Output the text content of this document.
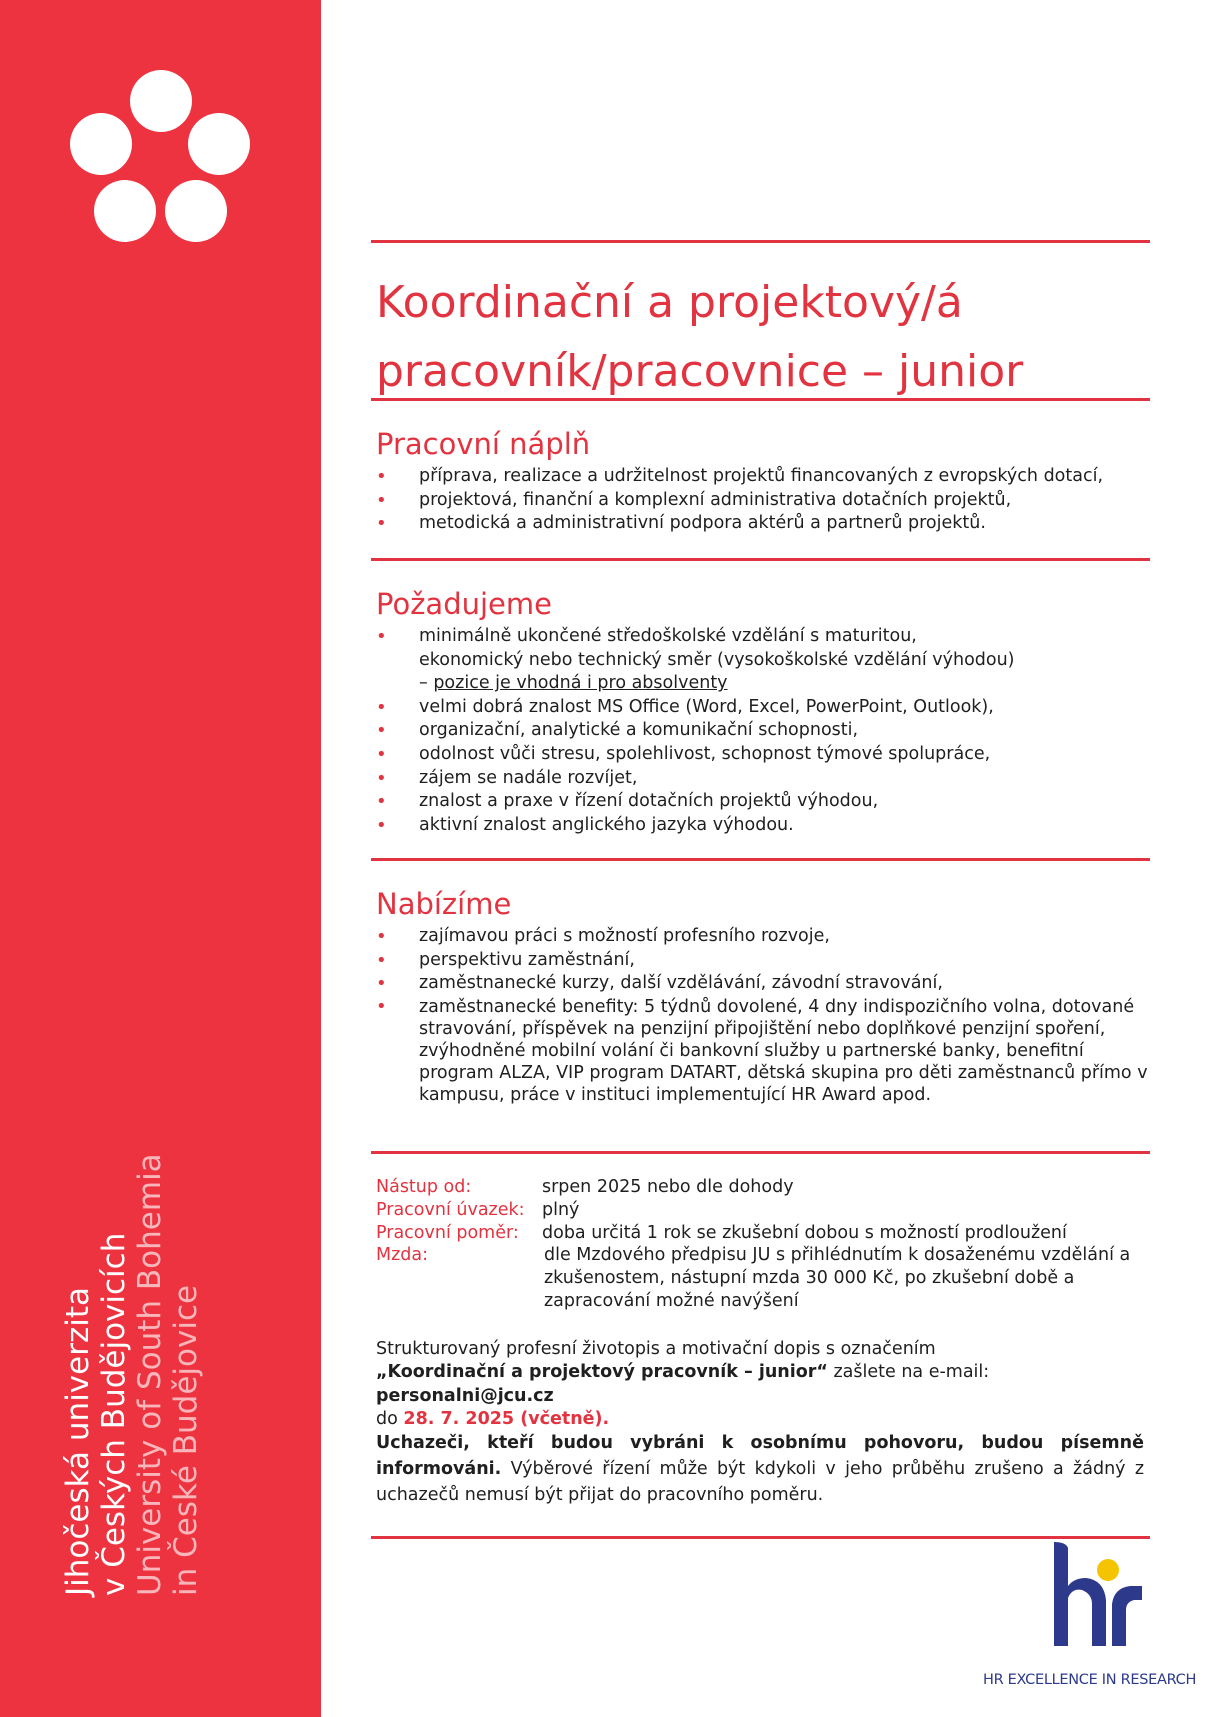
Jihočeská univerzita v Českých Budějovicích University of South Bohemia in České Budějovice
Koordinační a projektový/á
pracovník/pracovnice – junior
Pracovní náplň
• příprava, realizace a udržitelnost projektů financovaných z evropských dotací,
• projektová, finanční a komplexní administrativa dotačních projektů,
• metodická a administrativní podpora aktérů a partnerů projektů.
Požadujeme
• minimálně ukončené středoškolské vzdělání s maturitou,
ekonomický nebo technický směr (vysokoškolské vzdělání výhodou)
– pozice je vhodná i pro absolventy
• velmi dobrá znalost MS Office (Word, Excel, PowerPoint, Outlook),
• organizační, analytické a komunikační schopnosti,
• odolnost vůči stresu, spolehlivost, schopnost týmové spolupráce,
• zájem se nadále rozvíjet,
• znalost a praxe v řízení dotačních projektů výhodou,
• aktivní znalost anglického jazyka výhodou.
Nabízíme
• zajímavou práci s možností profesního rozvoje,
• perspektivu zaměstnání,
• zaměstnanecké kurzy, další vzdělávání, závodní stravování,
• zaměstnanecké benefity: 5 týdnů dovolené, 4 dny indispozičního volna, dotované stravování, příspěvek na penzijní připojištění nebo doplňkové penzijní spoření, zvýhodněné mobilní volání či bankovní služby u partnerské banky, benefitní program ALZA, VIP program DATART, dětská skupina pro děti zaměstnanců přímo v kampusu, práce v instituci implementující HR Award apod.
Nástup od:	srpen 2025 nebo dle dohody
Pracovní úvazek: plný
Pracovní poměr:	doba určitá 1 rok se zkušební dobou s možností prodloužení
Mzda:	dle Mzdového předpisu JU s přihlédnutím k dosaženému vzdělání a zkušenostem, nástupní mzda 30 000 Kč, po zkušební době a zapracování možné navýšení
Strukturovaný profesní životopis a motivační dopis s označením
„Koordinační a projektový pracovník – junior“ zašlete na e-mail: personalni@jcu.cz
do 28. 7. 2025 (včetně).
Uchazeči, kteří budou vybráni k osobnímu pohovoru, budou písemně informováni. Výběrové řízení může být kdykoli v jeho průběhu zrušeno a žádný z uchazečů nemusí být přijat do pracovního poměru.
HR EXCELLENCE IN RESEARCH
